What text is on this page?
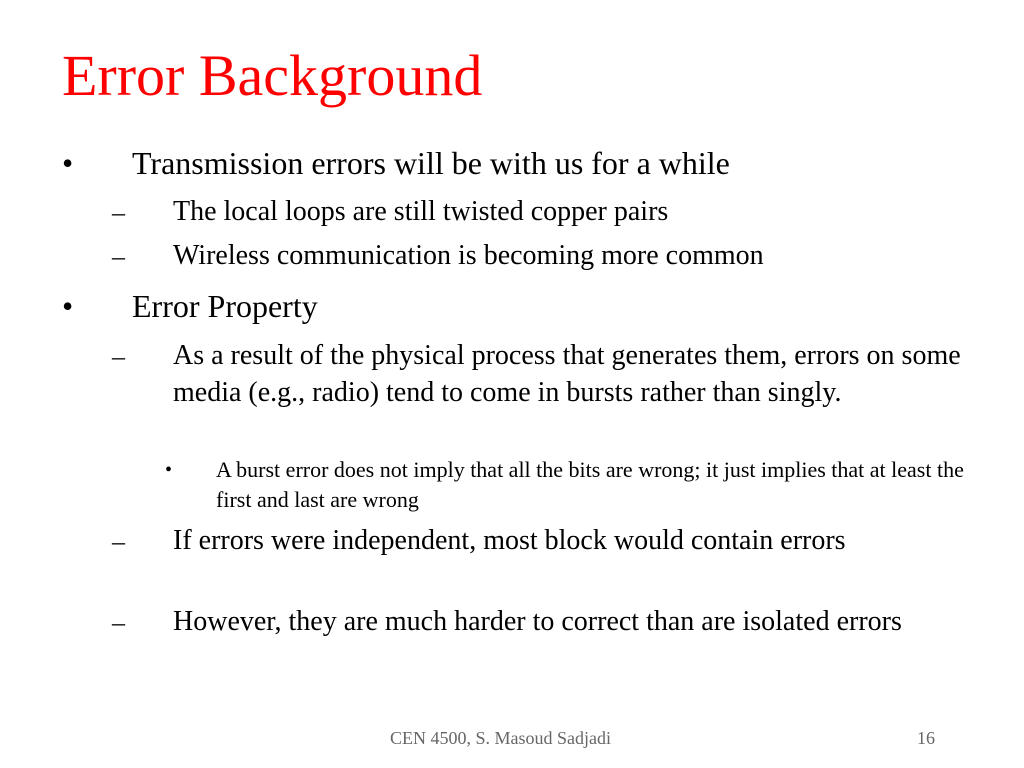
Error Background
• Transmission errors will be with us for a while
– The local loops are still twisted copper pairs
– Wireless communication is becoming more common
• Error Property
– As a result of the physical process that generates them, errors on some media (e.g., radio) tend to come in bursts rather than singly.
• A burst error does not imply that all the bits are wrong; it just implies that at least the first and last are wrong
– If errors were independent, most block would contain errors
– However, they are much harder to correct than are isolated errors
CEN 4500, S. Masoud Sadjadi	16
